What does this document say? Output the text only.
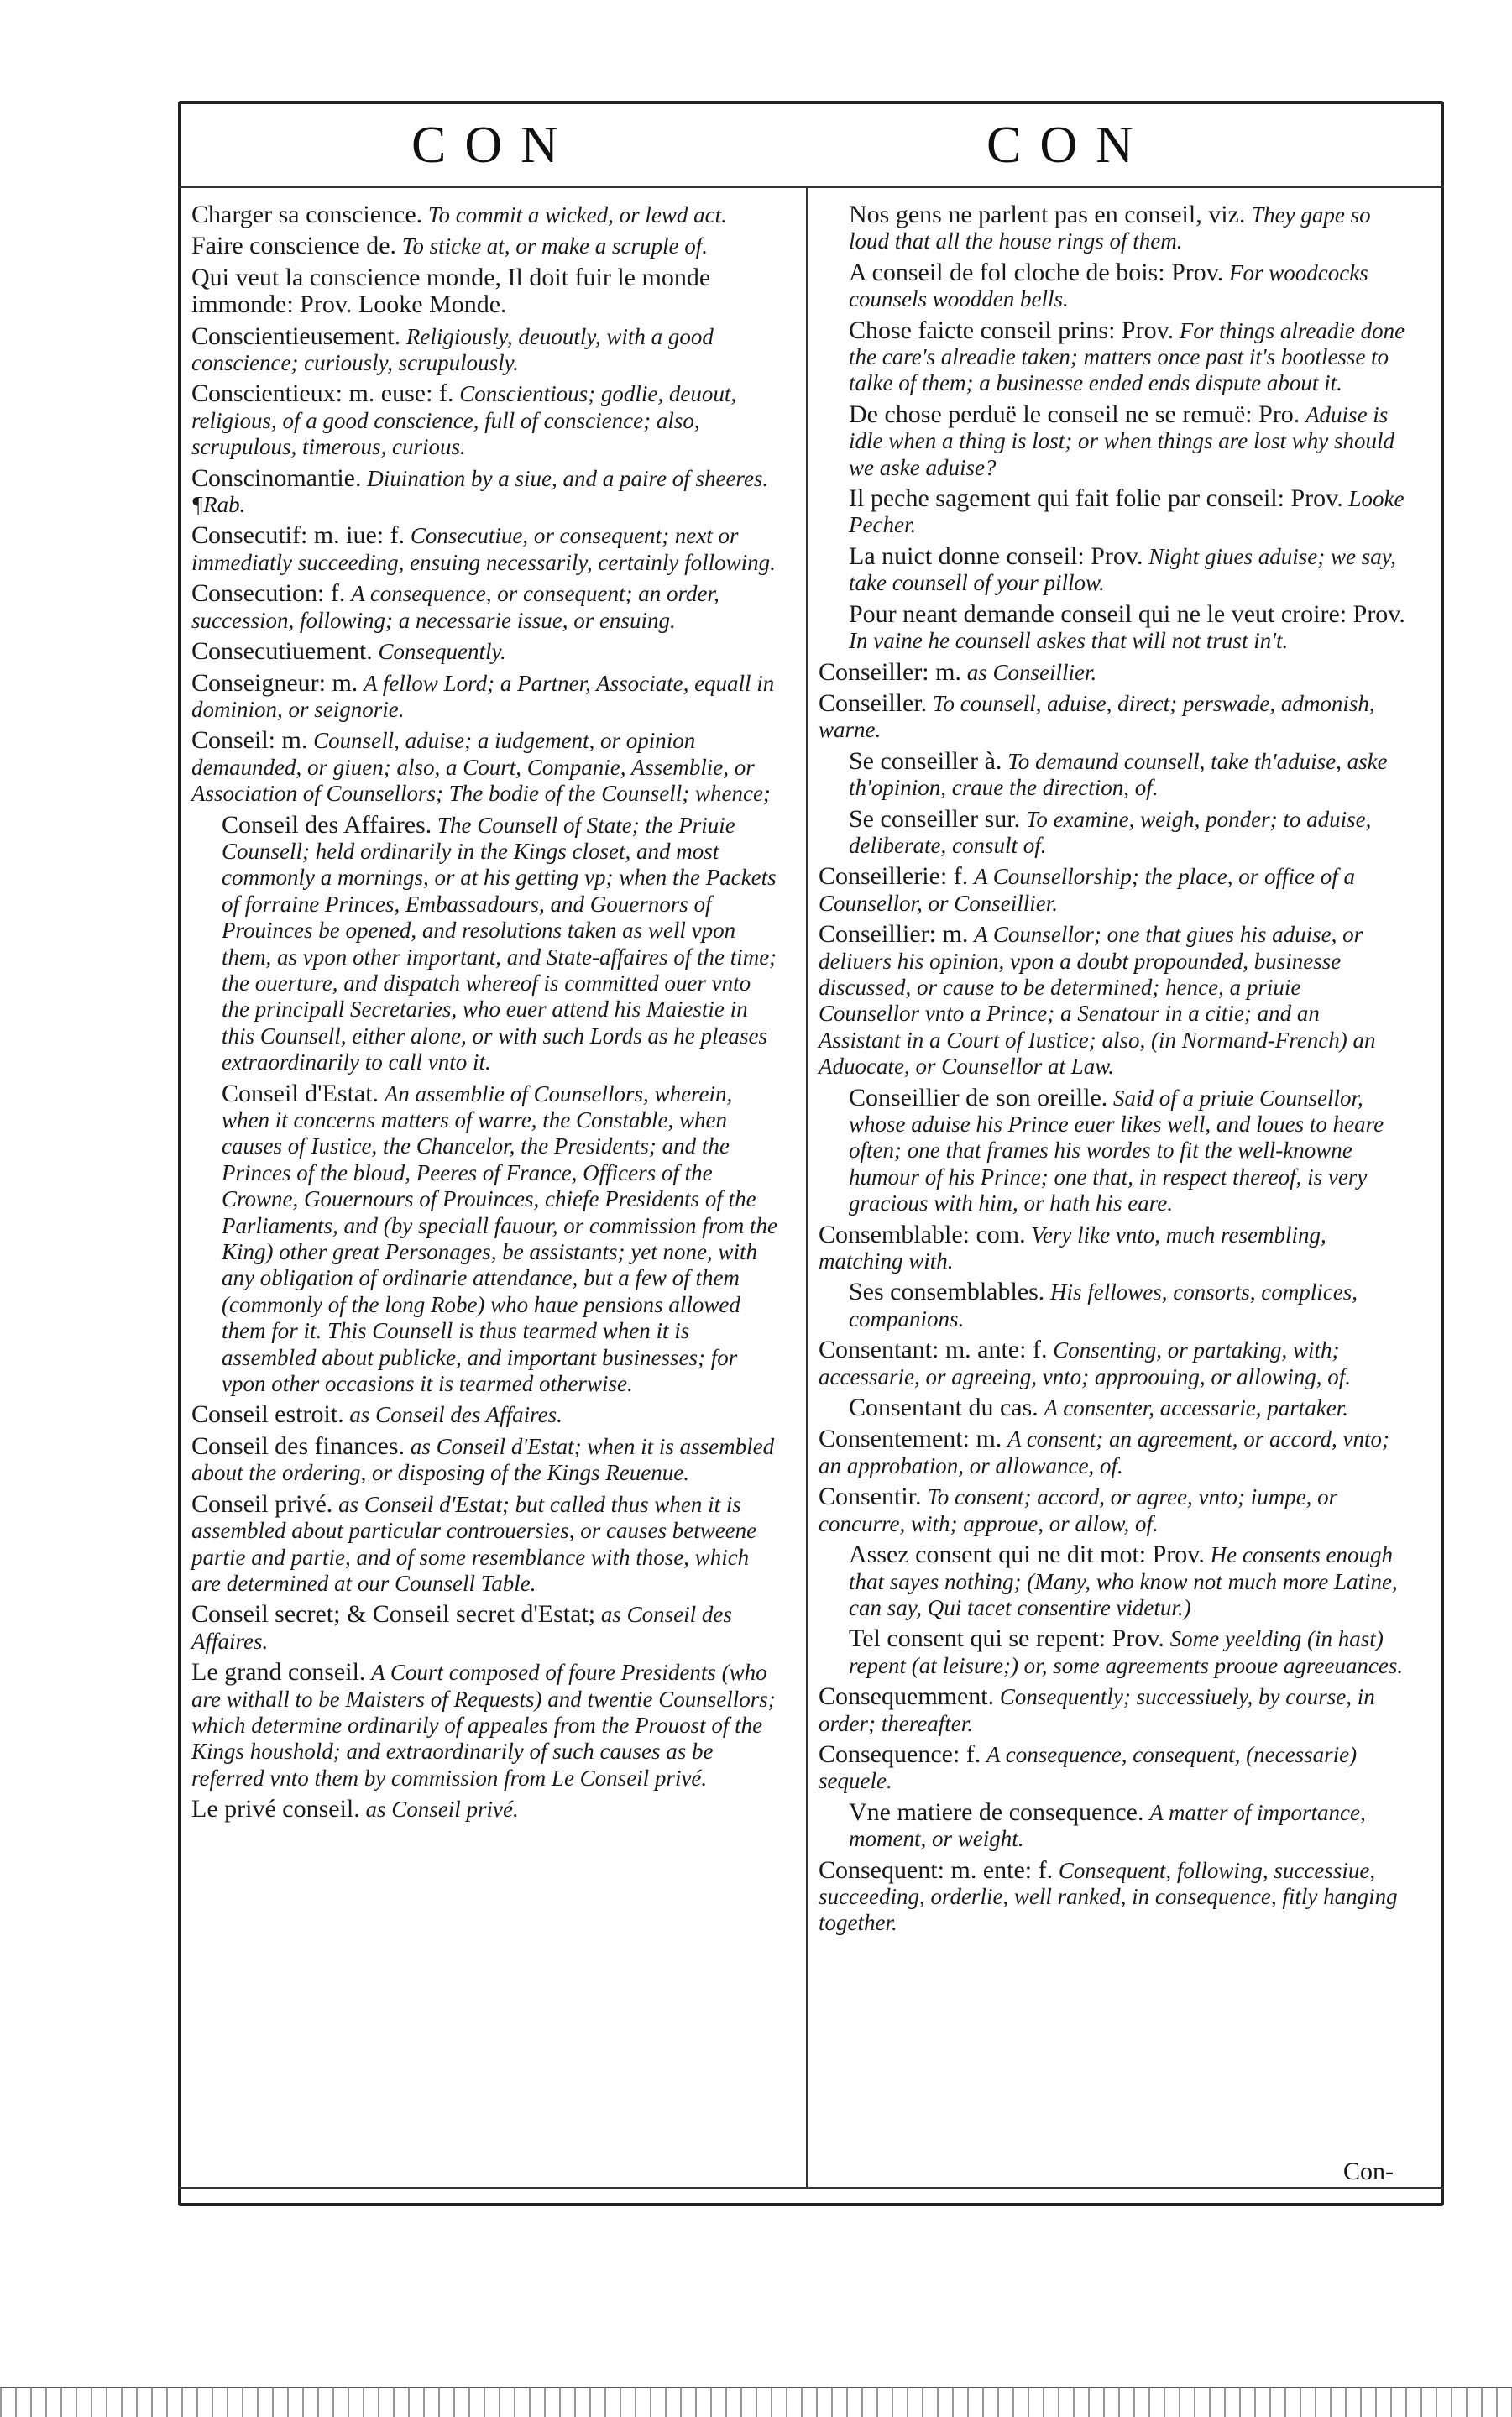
CON	CON

Charger sa conscience. To commit a wicked, or lewd act.

Faire conscience de. To sticke at, or make a scruple of.

Qui veut la conscience monde, Il doit fuir le monde immonde: Prov. Looke Monde.

Conscientieusement. Religiously, deuoutly, with a good conscience; curiously, scrupulously.

Conscientieux: m. euse: f. Conscientious; godlie, deuout, religious, of a good conscience, full of conscience; also, scrupulous, timerous, curious.

Conscinomantie. Diuination by a siue, and a paire of sheeres. ¶Rab.

Consecutif: m. iue: f. Consecutiue, or consequent; next or immediatly succeeding, ensuing necessarily, certainly following.

Consecution: f. A consequence, or consequent; an order, succession, following; a necessarie issue, or ensuing.

Consecutiuement. Consequently.

Conseigneur: m. A fellow Lord; a Partner, Associate, equall in dominion, or seignorie.

Conseil: m. Counsell, aduise; a iudgement, or opinion demaunded, or giuen; also, a Court, Companie, Assemblie, or Association of Counsellors; The bodie of the Counsell; whence;

Conseil des Affaires. The Counsell of State; the Priuie Counsell; held ordinarily in the Kings closet, and most commonly a mornings, or at his getting vp; when the Packets of forraine Princes, Embassadours, and Gouernors of Prouinces be opened, and resolutions taken as well vpon them, as vpon other important, and State-affaires of the time; the ouerture, and dispatch whereof is committed ouer vnto the principall Secretaries, who euer attend his Maiestie in this Counsell, either alone, or with such Lords as he pleases extraordinarily to call vnto it.

Conseil d'Estat. An assemblie of Counsellors, wherein, when it concerns matters of warre, the Constable, when causes of Iustice, the Chancelor, the Presidents; and the Princes of the bloud, Peeres of France, Officers of the Crowne, Gouernours of Prouinces, chiefe Presidents of the Parliaments, and (by speciall fauour, or commission from the King) other great Personages, be assistants; yet none, with any obligation of ordinarie attendance, but a few of them (commonly of the long Robe) who haue pensions allowed them for it. This Counsell is thus tearmed when it is assembled about publicke, and important businesses; for vpon other occasions it is tearmed otherwise.

Conseil estroit. as Conseil des Affaires.

Conseil des finances. as Conseil d'Estat; when it is assembled about the ordering, or disposing of the Kings Reuenue.

Conseil privé. as Conseil d'Estat; but called thus when it is assembled about particular controuersies, or causes betweene partie and partie, and of some resemblance with those, which are determined at our Counsell Table.

Conseil secret; & Conseil secret d'Estat; as Conseil des Affaires.

Le grand conseil. A Court composed of foure Presidents (who are withall to be Maisters of Requests) and twentie Counsellors; which determine ordinarily of appeales from the Prouost of the Kings houshold; and extraordinarily of such causes as be referred vnto them by commission from Le Conseil privé.

Le privé conseil. as Conseil privé.

Nos gens ne parlent pas en conseil, viz. They gape so loud that all the house rings of them.

A conseil de fol cloche de bois: Prov. For woodcocks counsels woodden bells.

Chose faicte conseil prins: Prov. For things alreadie done the care's alreadie taken; matters once past it's bootlesse to talke of them; a businesse ended ends dispute about it.

De chose perduë le conseil ne se remuë: Pro. Aduise is idle when a thing is lost; or when things are lost why should we aske aduise?

Il peche sagement qui fait folie par conseil: Prov. Looke Pecher.

La nuict donne conseil: Prov. Night giues aduise; we say, take counsell of your pillow.

Pour neant demande conseil qui ne le veut croire: Prov. In vaine he counsell askes that will not trust in't.

Conseiller: m. as Conseillier.

Conseiller. To counsell, aduise, direct; perswade, admonish, warne.

Se conseiller à. To demaund counsell, take th'aduise, aske th'opinion, craue the direction, of.

Se conseiller sur. To examine, weigh, ponder; to aduise, deliberate, consult of.

Conseillerie: f. A Counsellorship; the place, or office of a Counsellor, or Conseillier.

Conseillier: m. A Counsellor; one that giues his aduise, or deliuers his opinion, vpon a doubt propounded, businesse discussed, or cause to be determined; hence, a priuie Counsellor vnto a Prince; a Senatour in a citie; and an Assistant in a Court of Iustice; also, (in Normand-French) an Aduocate, or Counsellor at Law.

Conseillier de son oreille. Said of a priuie Counsellor, whose aduise his Prince euer likes well, and loues to heare often; one that frames his wordes to fit the well-knowne humour of his Prince; one that, in respect thereof, is very gracious with him, or hath his eare.

Consemblable: com. Very like vnto, much resembling, matching with.

Ses consemblables. His fellowes, consorts, complices, companions.

Consentant: m. ante: f. Consenting, or partaking, with; accessarie, or agreeing, vnto; approouing, or allowing, of.

Consentant du cas. A consenter, accessarie, partaker.

Consentement: m. A consent; an agreement, or accord, vnto; an approbation, or allowance, of.

Consentir. To consent; accord, or agree, vnto; iumpe, or concurre, with; approue, or allow, of.

Assez consent qui ne dit mot: Prov. He consents enough that sayes nothing; (Many, who know not much more Latine, can say, Qui tacet consentire videtur.)

Tel consent qui se repent: Prov. Some yeelding (in hast) repent (at leisure;) or, some agreements prooue agreeuances.

Consequemment. Consequently; successiuely, by course, in order; thereafter.

Consequence: f. A consequence, consequent, (necessarie) sequele.

Vne matiere de consequence. A matter of importance, moment, or weight.

Consequent: m. ente: f. Consequent, following, successiue, succeeding, orderlie, well ranked, in consequence, fitly hanging together.

Con-
